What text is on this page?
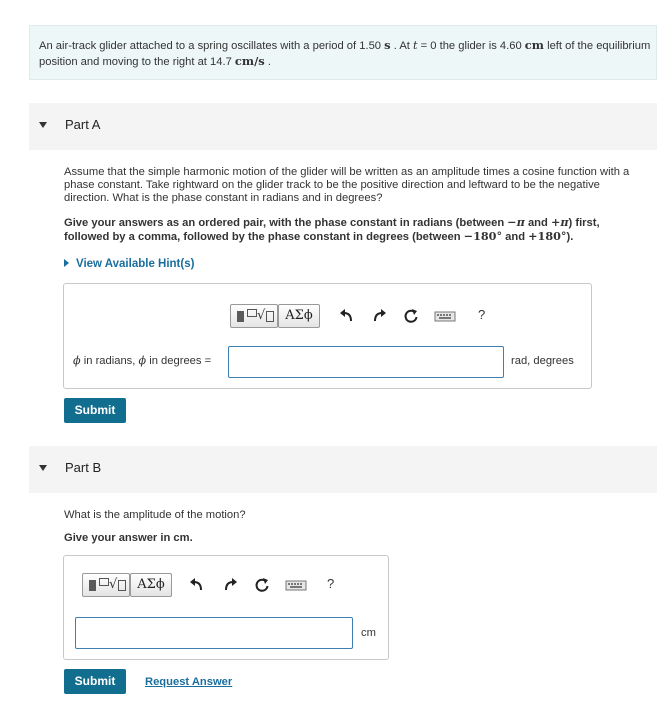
An air-track glider attached to a spring oscillates with a period of 1.50 s . At t = 0 the glider is 4.60 cm left of the equilibrium position and moving to the right at 14.7 cm/s .
Part A
Assume that the simple harmonic motion of the glider will be written as an amplitude times a cosine function with a
phase constant. Take rightward on the glider track to be the positive direction and leftward to be the negative
direction. What is the phase constant in radians and in degrees?
Give your answers as an ordered pair, with the phase constant in radians (between −π and +π) first,
followed by a comma, followed by the phase constant in degrees (between −180° and +180°).
View Available Hint(s)
√	ΑΣϕ	?
ϕ in radians, ϕ in degrees =	rad, degrees
Submit
Part B
What is the amplitude of the motion?
Give your answer in cm.
√	ΑΣϕ	?
cm
Submit	Request Answer
